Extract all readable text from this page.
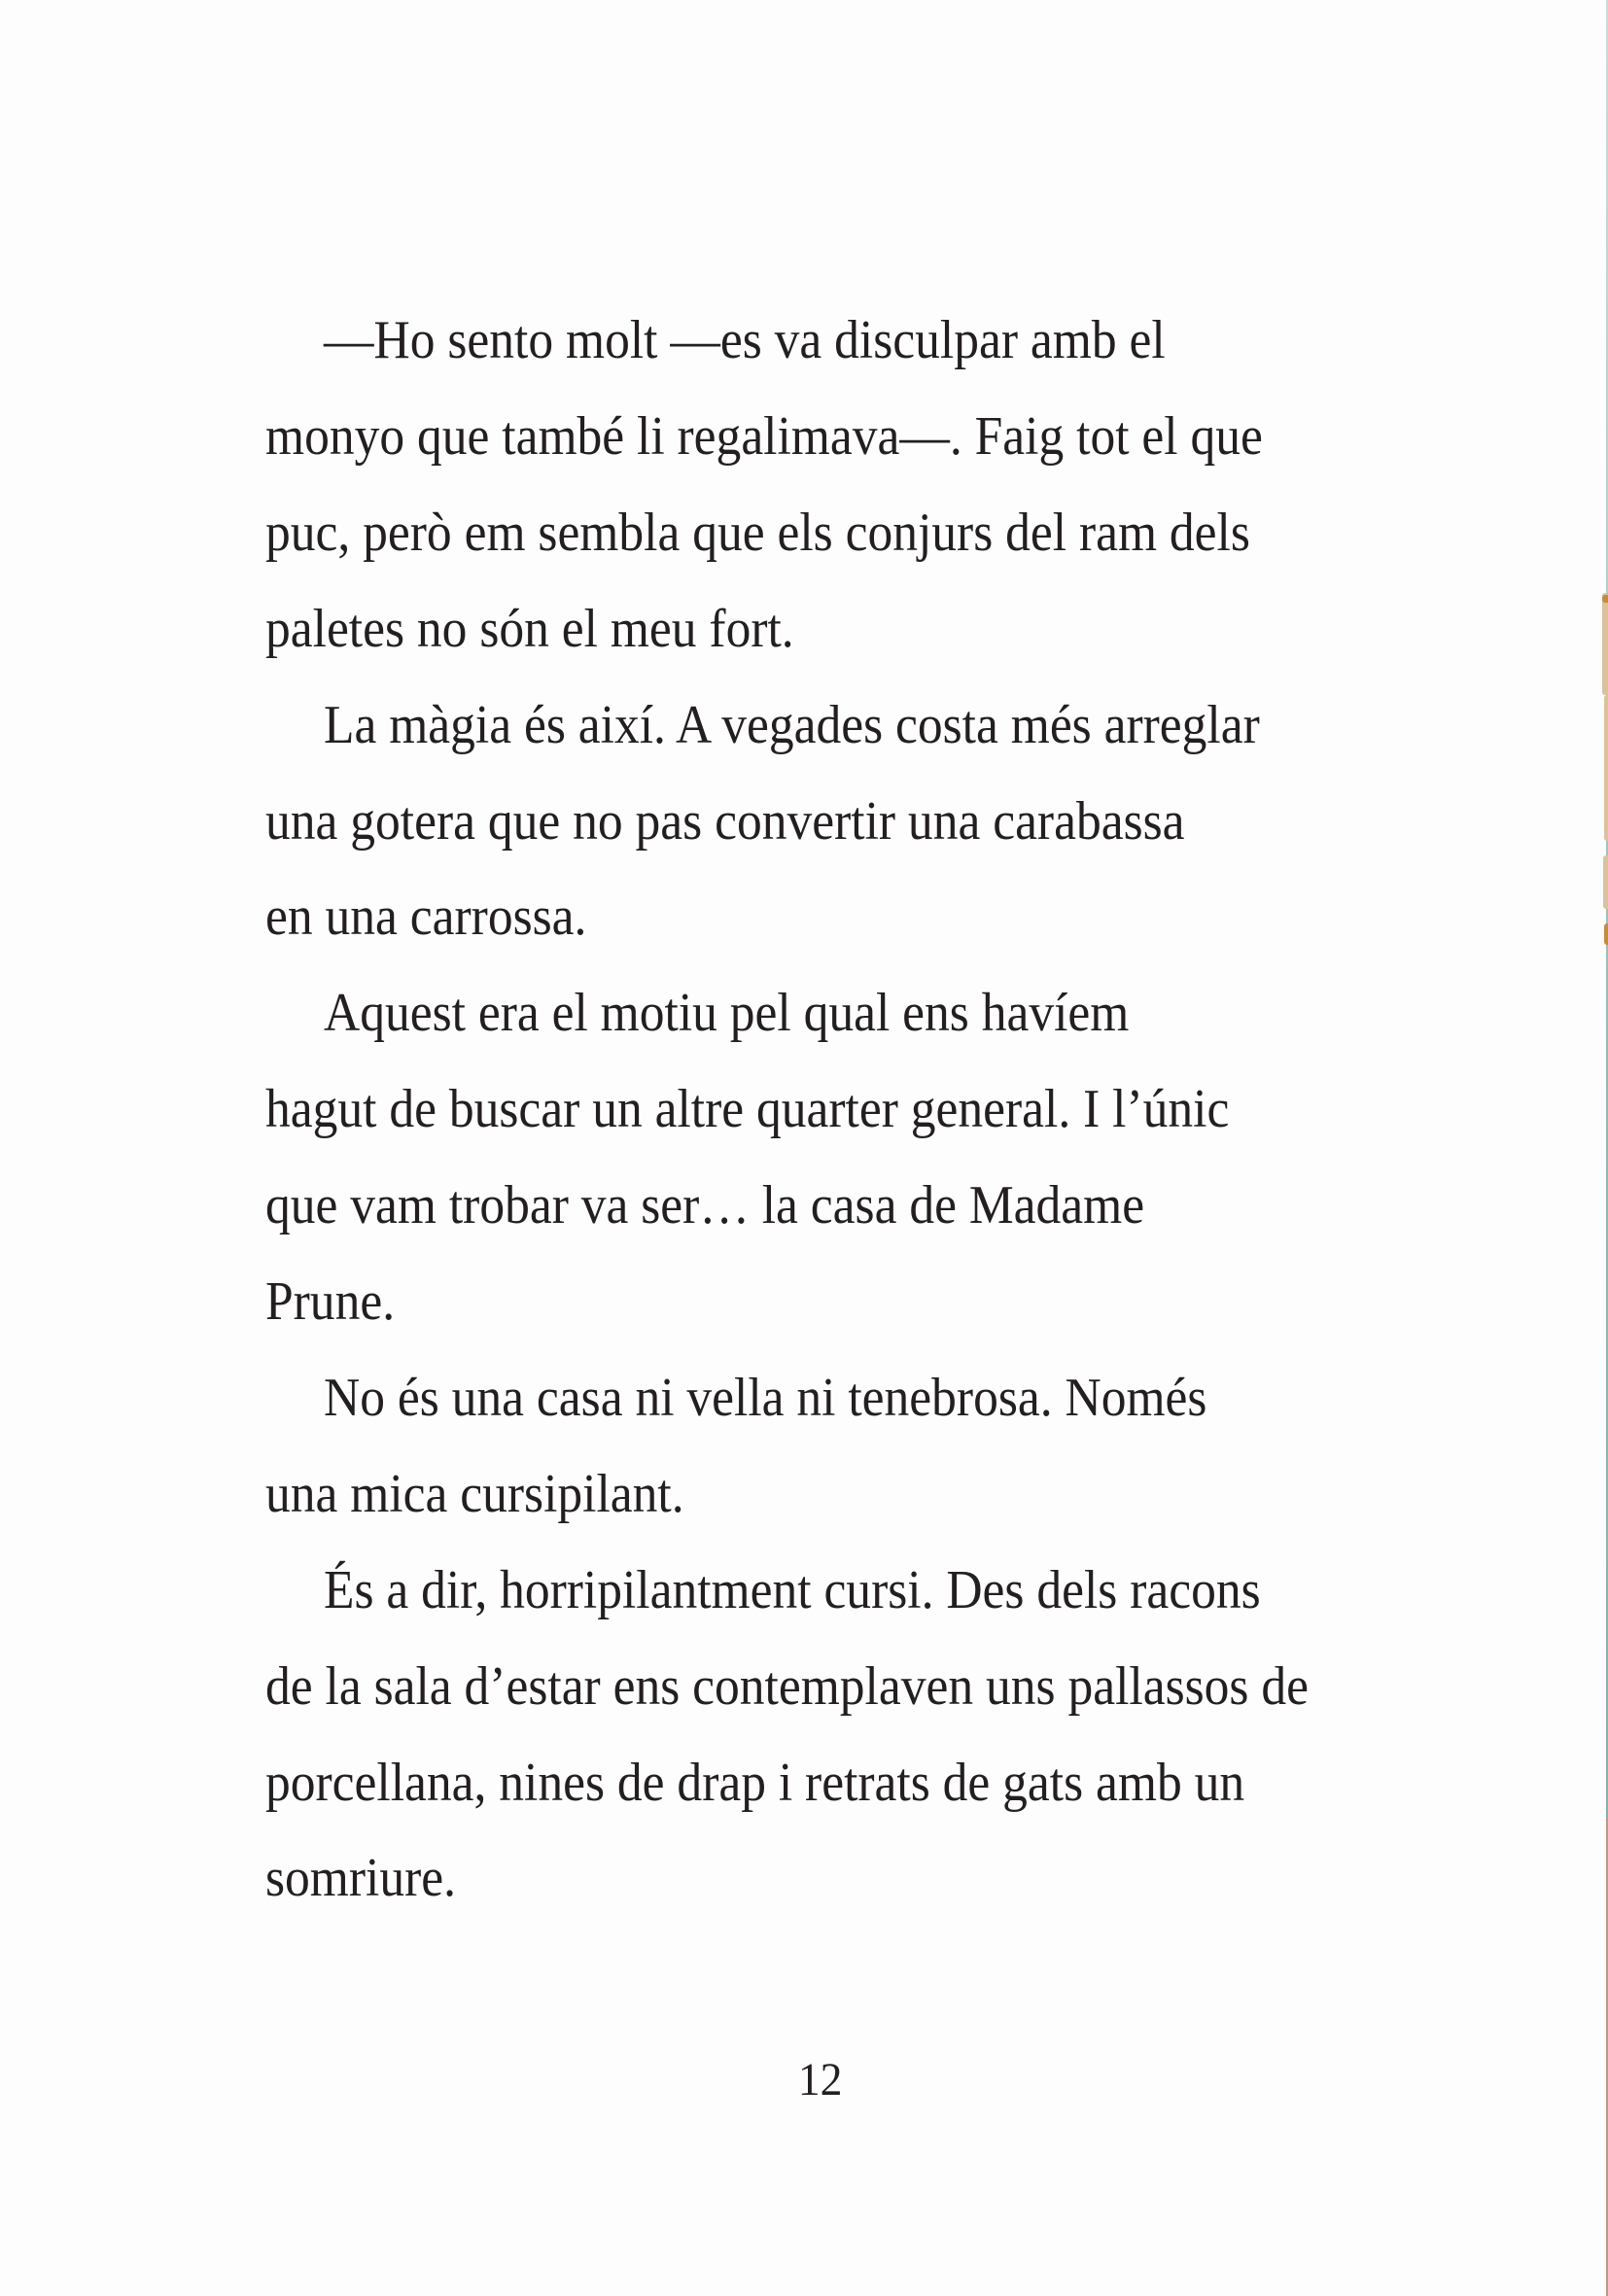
—Ho sento molt —es va disculpar amb el
monyo que també li regalimava—. Faig tot el que
puc, però em sembla que els conjurs del ram dels
paletes no són el meu fort.
La màgia és així. A vegades costa més arreglar
una gotera que no pas convertir una carabassa
en una carrossa.
Aquest era el motiu pel qual ens havíem
hagut de buscar un altre quarter general. I l’únic
que vam trobar va ser… la casa de Madame
Prune.
No és una casa ni vella ni tenebrosa. Només
una mica cursipilant.
És a dir, horripilantment cursi. Des dels racons
de la sala d’estar ens contemplaven uns pallassos de
porcellana, nines de drap i retrats de gats amb un
somriure.
12
